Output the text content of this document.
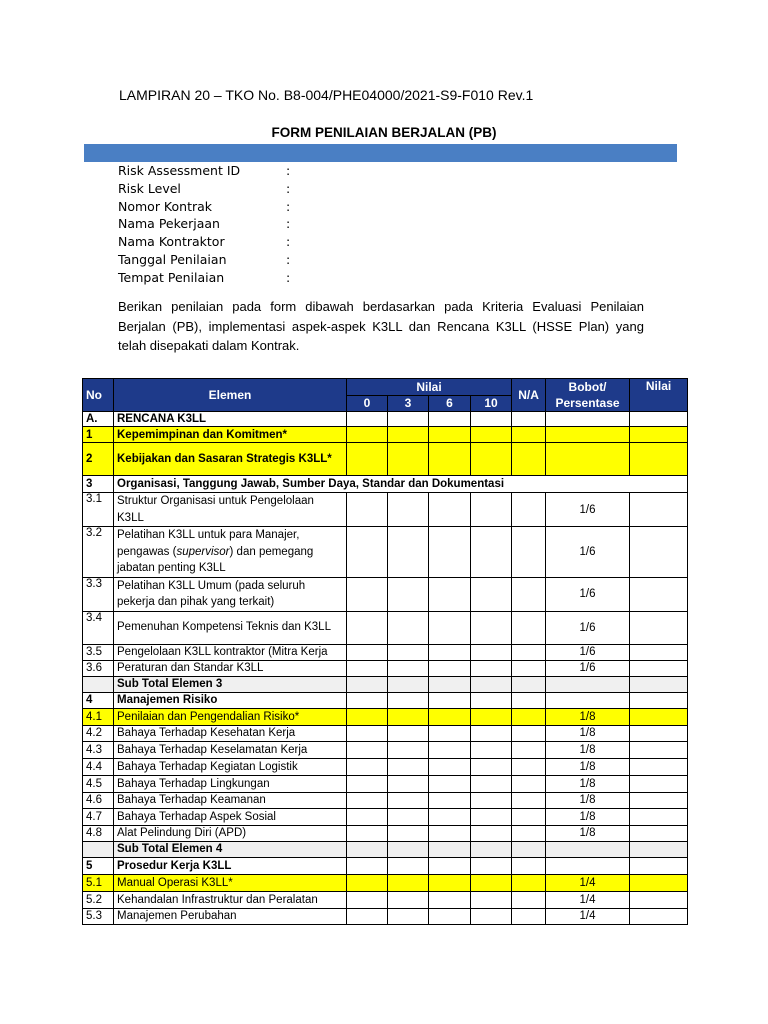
LAMPIRAN 20 – TKO No. B8-004/PHE04000/2021-S9-F010 Rev.1
FORM PENILAIAN BERJALAN (PB)
Risk Assessment ID	:
Risk Level	:
Nomor Kontrak	:
Nama Pekerjaan	:
Nama Kontraktor	:
Tanggal Penilaian	:
Tempat Penilaian	:
Berikan penilaian pada form dibawah berdasarkan pada Kriteria Evaluasi Penilaian Berjalan (PB), implementasi aspek-aspek K3LL dan Rencana K3LL (HSSE Plan) yang telah disepakati dalam Kontrak.
No	Elemen	Nilai				N/A	Bobot/ Persentase	Nilai
		0	3	6	10			
A.	RENCANA K3LL							
1	Kepemimpinan dan Komitmen*							
2	Kebijakan dan Sasaran Strategis K3LL*							
3	Organisasi, Tanggung Jawab, Sumber Daya, Standar dan Dokumentasi							
3.1	Struktur Organisasi untuk Pengelolaan K3LL						1/6	
3.2	Pelatihan K3LL untuk para Manajer, pengawas (supervisor) dan pemegang jabatan penting K3LL						1/6	
3.3	Pelatihan K3LL Umum (pada seluruh pekerja dan pihak yang terkait)						1/6	
3.4	Pemenuhan Kompetensi Teknis dan K3LL						1/6	
3.5	Pengelolaan K3LL kontraktor (Mitra Kerja						1/6	
3.6	Peraturan dan Standar K3LL						1/6	
	Sub Total Elemen 3							
4	Manajemen Risiko							
4.1	Penilaian dan Pengendalian Risiko*						1/8	
4.2	Bahaya Terhadap Kesehatan Kerja						1/8	
4.3	Bahaya Terhadap Keselamatan Kerja						1/8	
4.4	Bahaya Terhadap Kegiatan Logistik						1/8	
4.5	Bahaya Terhadap Lingkungan						1/8	
4.6	Bahaya Terhadap Keamanan						1/8	
4.7	Bahaya Terhadap Aspek Sosial						1/8	
4.8	Alat Pelindung Diri (APD)						1/8	
	Sub Total Elemen 4							
5	Prosedur Kerja K3LL							
5.1	Manual Operasi K3LL*						1/4	
5.2	Kehandalan Infrastruktur dan Peralatan						1/4	
5.3	Manajemen Perubahan						1/4	
